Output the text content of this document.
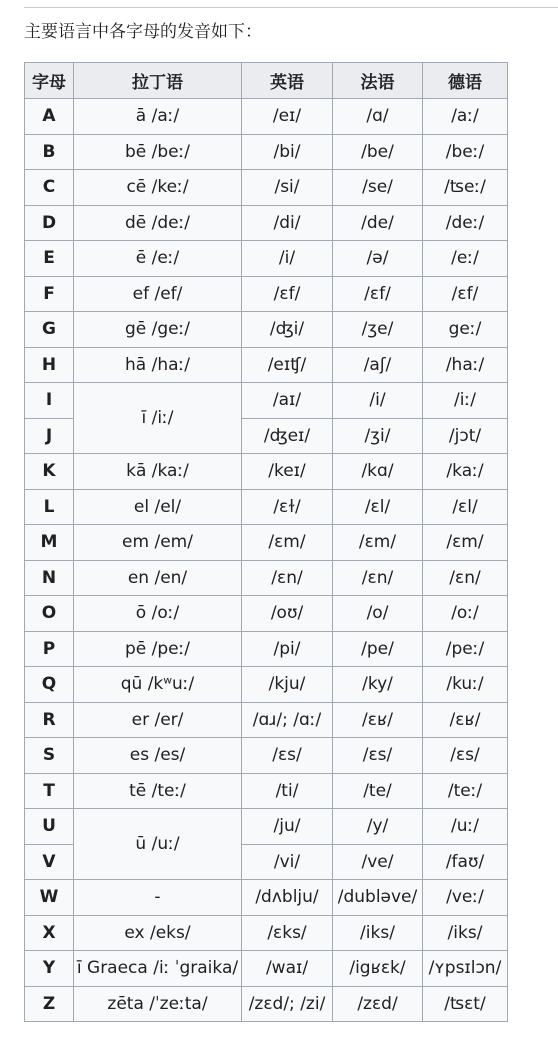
主要语言中各字母的发音如下：
字母	拉丁语	英语	法语	德语
A	ā /aː/	/eɪ/	/ɑ/	/aː/
B	bē /beː/	/bi/	/be/	/beː/
C	cē /keː/	/si/	/se/	/ʦeː/
D	dē /deː/	/di/	/de/	/deː/
E	ē /eː/	/i/	/ə/	/eː/
F	ef /ef/	/ɛf/	/ɛf/	/ɛf/
G	gē /geː/	/ʤi/	/ʒe/	geː/
H	hā /haː/	/eɪʧ/	/aʃ/	/haː/
I	ī /iː/	/aɪ/	/i/	/iː/
J		/ʤeɪ/	/ʒi/	/jɔt/
K	kā /kaː/	/keɪ/	/kɑ/	/kaː/
L	el /el/	/ɛɫ/	/ɛl/	/ɛl/
M	em /em/	/ɛm/	/ɛm/	/ɛm/
N	en /en/	/ɛn/	/ɛn/	/ɛn/
O	ō /oː/	/oʊ/	/o/	/oː/
P	pē /peː/	/pi/	/pe/	/peː/
Q	qū /kʷuː/	/kju/	/ky/	/kuː/
R	er /er/	/ɑɹ/; /ɑː/	/ɛʁ/	/ɛʁ/
S	es /es/	/ɛs/	/ɛs/	/ɛs/
T	tē /teː/	/ti/	/te/	/teː/
U	ū /uː/	/ju/	/y/	/uː/
V		/vi/	/ve/	/faʊ/
W	-	/dʌblju/	/dubləve/	/veː/
X	ex /eks/	/ɛks/	/iks/	/iks/
Y	ī Graeca /iː ˈgraika/	/waɪ/	/igʁɛk/	/ʏpsɪlɔn/
Z	zēta /ˈzeːta/	/zɛd/; /zi/	/zɛd/	/ʦɛt/
